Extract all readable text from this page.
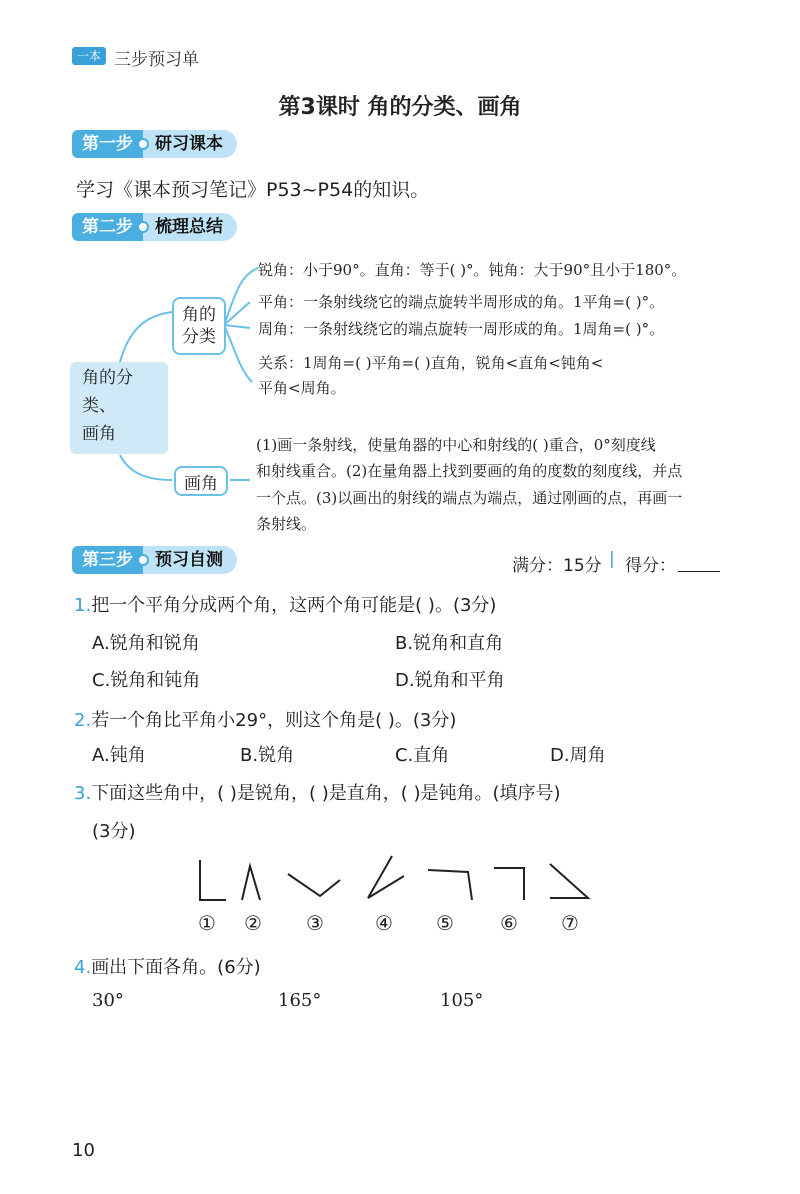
一本 三步预习单
第3课时 角的分类、画角
第一步	研习课本
学习《课本预习笔记》P53~P54的知识。
第二步	梳理总结
角的
分类
角的分类、
画角
画角
锐角：小于90°。直角：等于( )°。钝角：大于90°且小于180°。
平角：一条射线绕它的端点旋转半周形成的角。1平角=( )°。
周角：一条射线绕它的端点旋转一周形成的角。1周角=( )°。
关系：1周角=( )平角=( )直角，锐角<直角<钝角<
平角<周角。
(1)画一条射线，使量角器的中心和射线的( )重合，0°刻度线
和射线重合。(2)在量角器上找到要画的角的度数的刻度线，并点
一个点。(3)以画出的射线的端点为端点，通过刚画的点，再画一
条射线。
第三步	预习自测	满分：15分 | 得分：
1.把一个平角分成两个角，这两个角可能是( )。(3分)
A.锐角和锐角	B.锐角和直角
C.锐角和钝角	D.锐角和平角
2.若一个角比平角小29°，则这个角是( )。(3分)
A.钝角	B.锐角	C.直角	D.周角
3.下面这些角中，( )是锐角，( )是直角，( )是钝角。(填序号)
(3分)
① ② ③	④ ⑤ ⑥ ⑦
4.画出下面各角。(6分)
30°	165°	105°
10
